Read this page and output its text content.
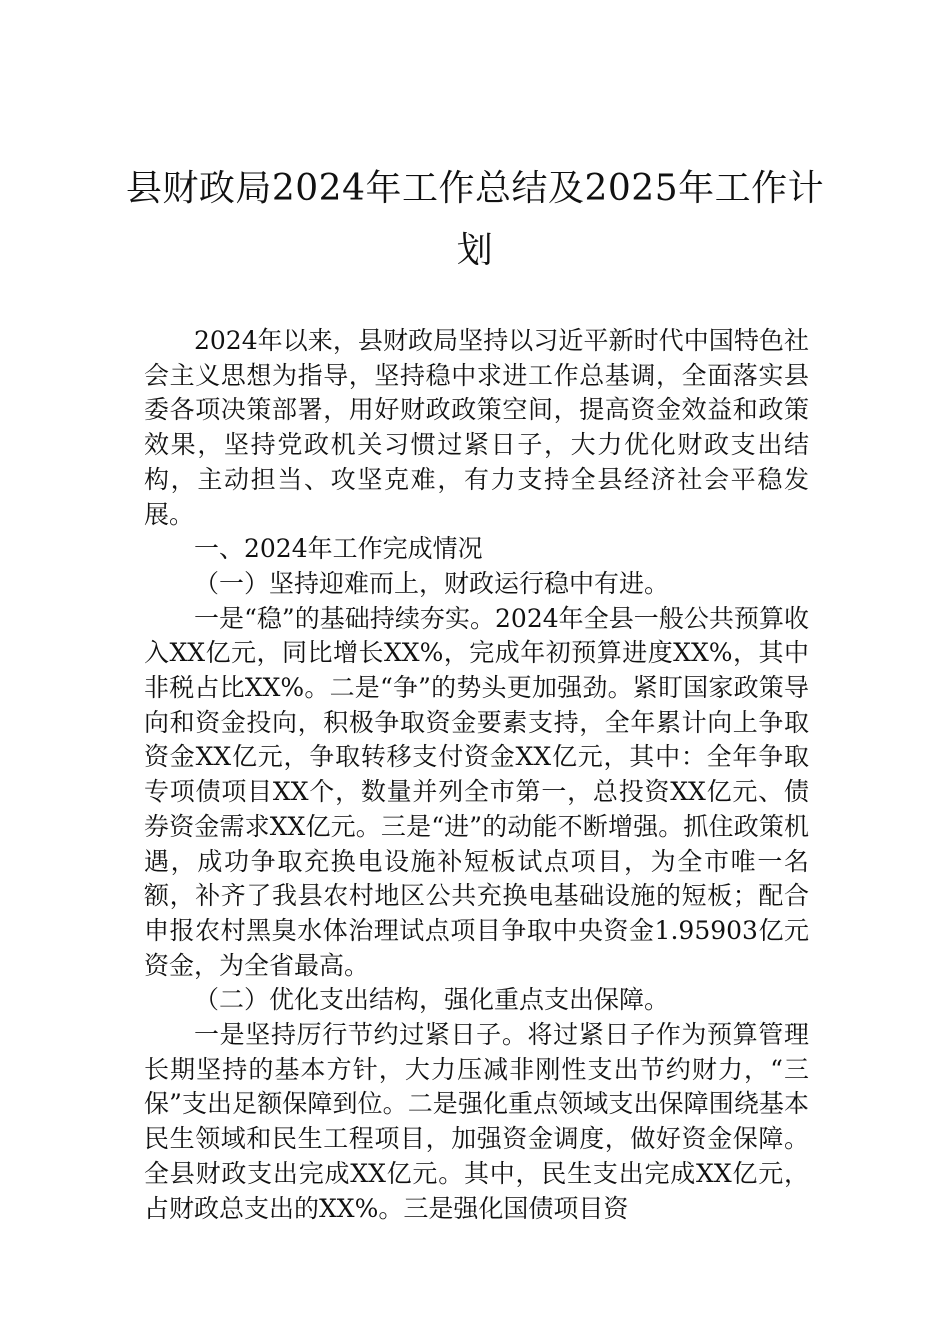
县财政局2024年工作总结及2025年工作计
划

2024年以来，县财政局坚持以习近平新时代中国特色社会主义思想为指导，坚持稳中求进工作总基调，全面落实县委各项决策部署，用好财政政策空间，提高资金效益和政策效果，坚持党政机关习惯过紧日子，大力优化财政支出结构，主动担当、攻坚克难，有力支持全县经济社会平稳发展。

一、2024年工作完成情况

（一）坚持迎难而上，财政运行稳中有进。

一是“稳”的基础持续夯实。2024年全县一般公共预算收入XX亿元，同比增长XX%，完成年初预算进度XX%，其中非税占比XX%。二是“争”的势头更加强劲。紧盯国家政策导向和资金投向，积极争取资金要素支持，全年累计向上争取资金XX亿元，争取转移支付资金XX亿元，其中：全年争取专项债项目XX个，数量并列全市第一，总投资XX亿元、债券资金需求XX亿元。三是“进”的动能不断增强。抓住政策机遇，成功争取充换电设施补短板试点项目，为全市唯一名额，补齐了我县农村地区公共充换电基础设施的短板；配合申报农村黑臭水体治理试点项目争取中央资金1.95903亿元资金，为全省最高。

（二）优化支出结构，强化重点支出保障。

一是坚持厉行节约过紧日子。将过紧日子作为预算管理长期坚持的基本方针，大力压减非刚性支出节约财力，“三保”支出足额保障到位。二是强化重点领域支出保障围绕基本民生领域和民生工程项目，加强资金调度，做好资金保障。全县财政支出完成XX亿元。其中，民生支出完成XX亿元，占财政总支出的XX%。三是强化国债项目资
